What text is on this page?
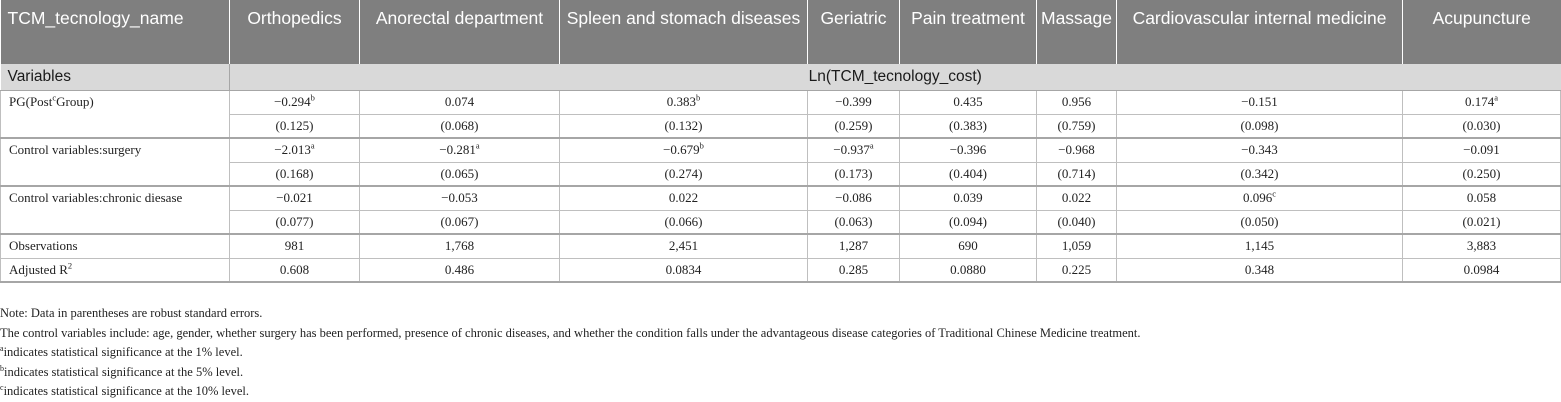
TCM_tecnology_name	Orthopedics	Anorectal department	Spleen and stomach diseases	Geriatric	Pain treatment	Massage	Cardiovascular internal medicine	Acupuncture
Variables	Ln(TCM_tecnology_cost)							
PG(Post$^c$Group)	−0.294$^b$	0.074	0.383$^b$	−0.399	0.435	0.956	−0.151	0.174$^a$
	(0.125)	(0.068)	(0.132)	(0.259)	(0.383)	(0.759)	(0.098)	(0.030)
Control variables:surgery	−2.013$^a$	−0.281$^a$	−0.679$^b$	−0.937$^a$	−0.396	−0.968	−0.343	−0.091
	(0.168)	(0.065)	(0.274)	(0.173)	(0.404)	(0.714)	(0.342)	(0.250)
Control variables:chronic diesase	−0.021	−0.053	0.022	−0.086	0.039	0.022	0.096$^c$	0.058
	(0.077)	(0.067)	(0.066)	(0.063)	(0.094)	(0.040)	(0.050)	(0.021)
Observations	981	1,768	2,451	1,287	690	1,059	1,145	3,883
Adjusted $R^2$	0.608	0.486	0.0834	0.285	0.0880	0.225	0.348	0.0984
Note: Data in parentheses are robust standard errors.
The control variables include: age, gender, whether surgery has been performed, presence of chronic diseases, and whether the condition falls under the advantageous disease categories of Traditional Chinese Medicine treatment.
$^a$indicates statistical significance at the 1% level.
$^b$indicates statistical significance at the 5% level.
$^c$indicates statistical significance at the 10% level.
